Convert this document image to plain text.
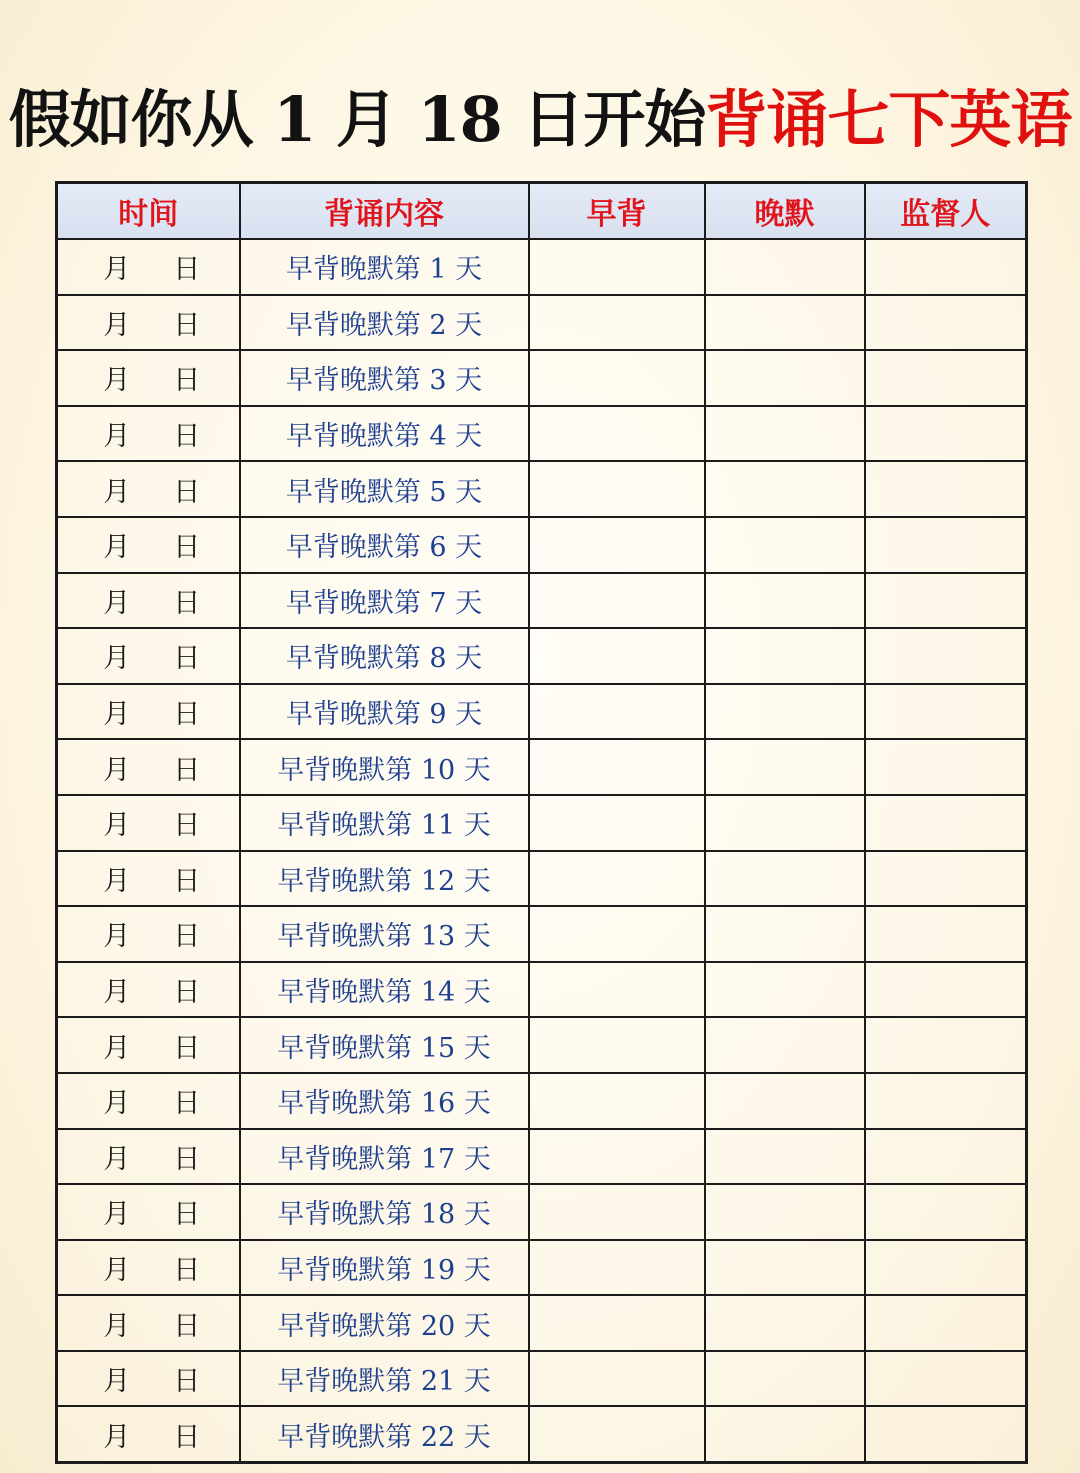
假如你从 1 月 18 日开始背诵七下英语
时间	背诵内容	早背	晚默	监督人
月 日	早背晚默第 1 天			
月 日	早背晚默第 2 天			
月 日	早背晚默第 3 天			
月 日	早背晚默第 4 天			
月 日	早背晚默第 5 天			
月 日	早背晚默第 6 天			
月 日	早背晚默第 7 天			
月 日	早背晚默第 8 天			
月 日	早背晚默第 9 天			
月 日	早背晚默第 10 天			
月 日	早背晚默第 11 天			
月 日	早背晚默第 12 天			
月 日	早背晚默第 13 天			
月 日	早背晚默第 14 天			
月 日	早背晚默第 15 天			
月 日	早背晚默第 16 天			
月 日	早背晚默第 17 天			
月 日	早背晚默第 18 天			
月 日	早背晚默第 19 天			
月 日	早背晚默第 20 天			
月 日	早背晚默第 21 天			
月 日	早背晚默第 22 天			
